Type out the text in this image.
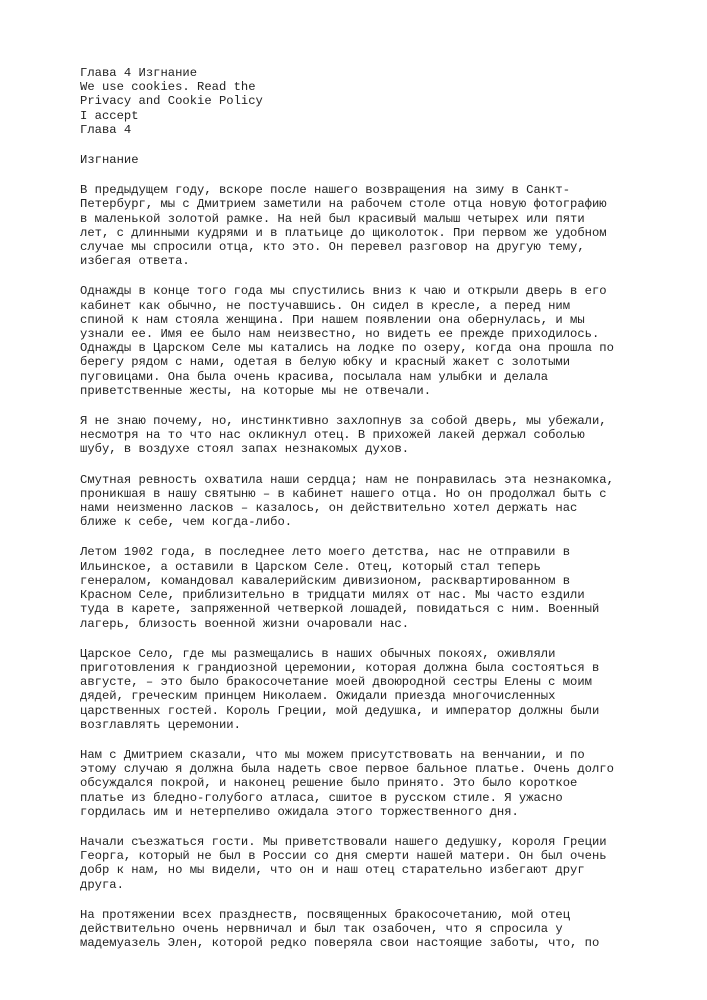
Глава 4 Изгнание
We use cookies. Read the
Privacy and Cookie Policy
I accept
Глава 4
Изгнание
В предыдущем году, вскоре после нашего возвращения на зиму в Санкт-
Петербург, мы с Дмитрием заметили на рабочем столе отца новую фотографию
в маленькой золотой рамке. На ней был красивый малыш четырех или пяти
лет, с длинными кудрями и в платьице до щиколоток. При первом же удобном
случае мы спросили отца, кто это. Он перевел разговор на другую тему,
избегая ответа.
Однажды в конце того года мы спустились вниз к чаю и открыли дверь в его
кабинет как обычно, не постучавшись. Он сидел в кресле, а перед ним
спиной к нам стояла женщина. При нашем появлении она обернулась, и мы
узнали ее. Имя ее было нам неизвестно, но видеть ее прежде приходилось.
Однажды в Царском Селе мы катались на лодке по озеру, когда она прошла по
берегу рядом с нами, одетая в белую юбку и красный жакет с золотыми
пуговицами. Она была очень красива, посылала нам улыбки и делала
приветственные жесты, на которые мы не отвечали.
Я не знаю почему, но, инстинктивно захлопнув за собой дверь, мы убежали,
несмотря на то что нас окликнул отец. В прихожей лакей держал соболью
шубу, в воздухе стоял запах незнакомых духов.
Смутная ревность охватила наши сердца; нам не понравилась эта незнакомка,
проникшая в нашу святыню – в кабинет нашего отца. Но он продолжал быть с
нами неизменно ласков – казалось, он действительно хотел держать нас
ближе к себе, чем когда-либо.
Летом 1902 года, в последнее лето моего детства, нас не отправили в
Ильинское, а оставили в Царском Селе. Отец, который стал теперь
генералом, командовал кавалерийским дивизионом, расквартированном в
Красном Селе, приблизительно в тридцати милях от нас. Мы часто ездили
туда в карете, запряженной четверкой лошадей, повидаться с ним. Военный
лагерь, близость военной жизни очаровали нас.
Царское Село, где мы размещались в наших обычных покоях, оживляли
приготовления к грандиозной церемонии, которая должна была состояться в
августе, – это было бракосочетание моей двоюродной сестры Елены с моим
дядей, греческим принцем Николаем. Ожидали приезда многочисленных
царственных гостей. Король Греции, мой дедушка, и император должны были
возглавлять церемонии.
Нам с Дмитрием сказали, что мы можем присутствовать на венчании, и по
этому случаю я должна была надеть свое первое бальное платье. Очень долго
обсуждался покрой, и наконец решение было принято. Это было короткое
платье из бледно-голубого атласа, сшитое в русском стиле. Я ужасно
гордилась им и нетерпеливо ожидала этого торжественного дня.
Начали съезжаться гости. Мы приветствовали нашего дедушку, короля Греции
Георга, который не был в России со дня смерти нашей матери. Он был очень
добр к нам, но мы видели, что он и наш отец старательно избегают друг
друга.
На протяжении всех празднеств, посвященных бракосочетанию, мой отец
действительно очень нервничал и был так озабочен, что я спросила у
мадемуазель Элен, которой редко поверяла свои настоящие заботы, что, по
